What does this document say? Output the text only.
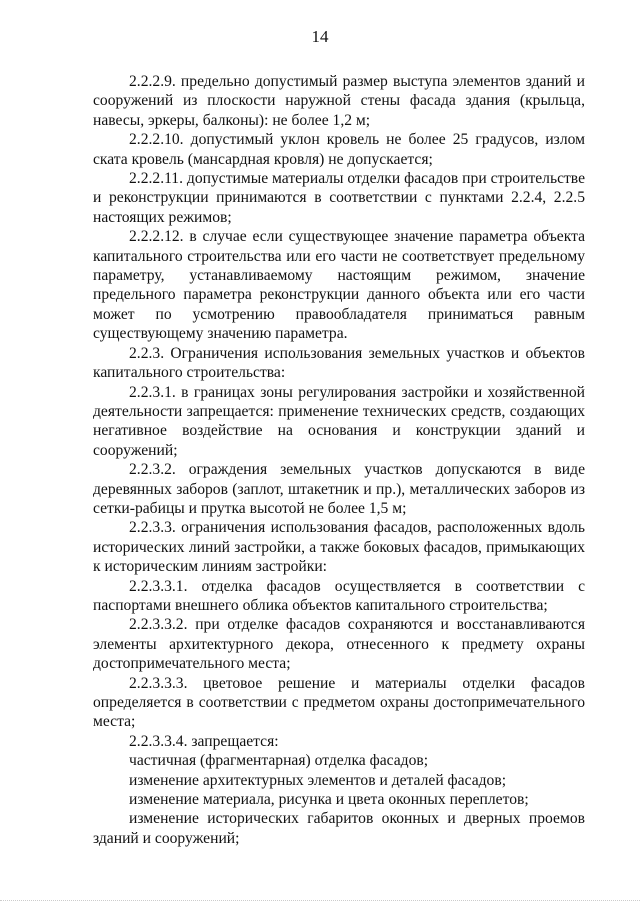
14

2.2.2.9. предельно допустимый размер выступа элементов зданий и сооружений из плоскости наружной стены фасада здания (крыльца, навесы, эркеры, балконы): не более 1,2 м;

2.2.2.10. допустимый уклон кровель не более 25 градусов, излом ската кровель (мансардная кровля) не допускается;

2.2.2.11. допустимые материалы отделки фасадов при строительстве и реконструкции принимаются в соответствии с пунктами 2.2.4, 2.2.5 настоящих режимов;

2.2.2.12. в случае если существующее значение параметра объекта капитального строительства или его части не соответствует предельному параметру, устанавливаемому настоящим режимом, значение предельного параметра реконструкции данного объекта или его части может по усмотрению правообладателя приниматься равным существующему значению параметра.

2.2.3. Ограничения использования земельных участков и объектов капитального строительства:

2.2.3.1. в границах зоны регулирования застройки и хозяйственной деятельности запрещается: применение технических средств, создающих негативное воздействие на основания и конструкции зданий и сооружений;

2.2.3.2. ограждения земельных участков допускаются в виде деревянных заборов (заплот, штакетник и пр.), металлических заборов из сетки-рабицы и прутка высотой не более 1,5 м;

2.2.3.3. ограничения использования фасадов, расположенных вдоль исторических линий застройки, а также боковых фасадов, примыкающих к историческим линиям застройки:

2.2.3.3.1. отделка фасадов осуществляется в соответствии с паспортами внешнего облика объектов капитального строительства;

2.2.3.3.2. при отделке фасадов сохраняются и восстанавливаются элементы архитектурного декора, отнесенного к предмету охраны достопримечательного места;

2.2.3.3.3. цветовое решение и материалы отделки фасадов определяется в соответствии с предметом охраны достопримечательного места;

2.2.3.3.4. запрещается:

частичная (фрагментарная) отделка фасадов;

изменение архитектурных элементов и деталей фасадов;

изменение материала, рисунка и цвета оконных переплетов;

изменение исторических габаритов оконных и дверных проемов зданий и сооружений;
